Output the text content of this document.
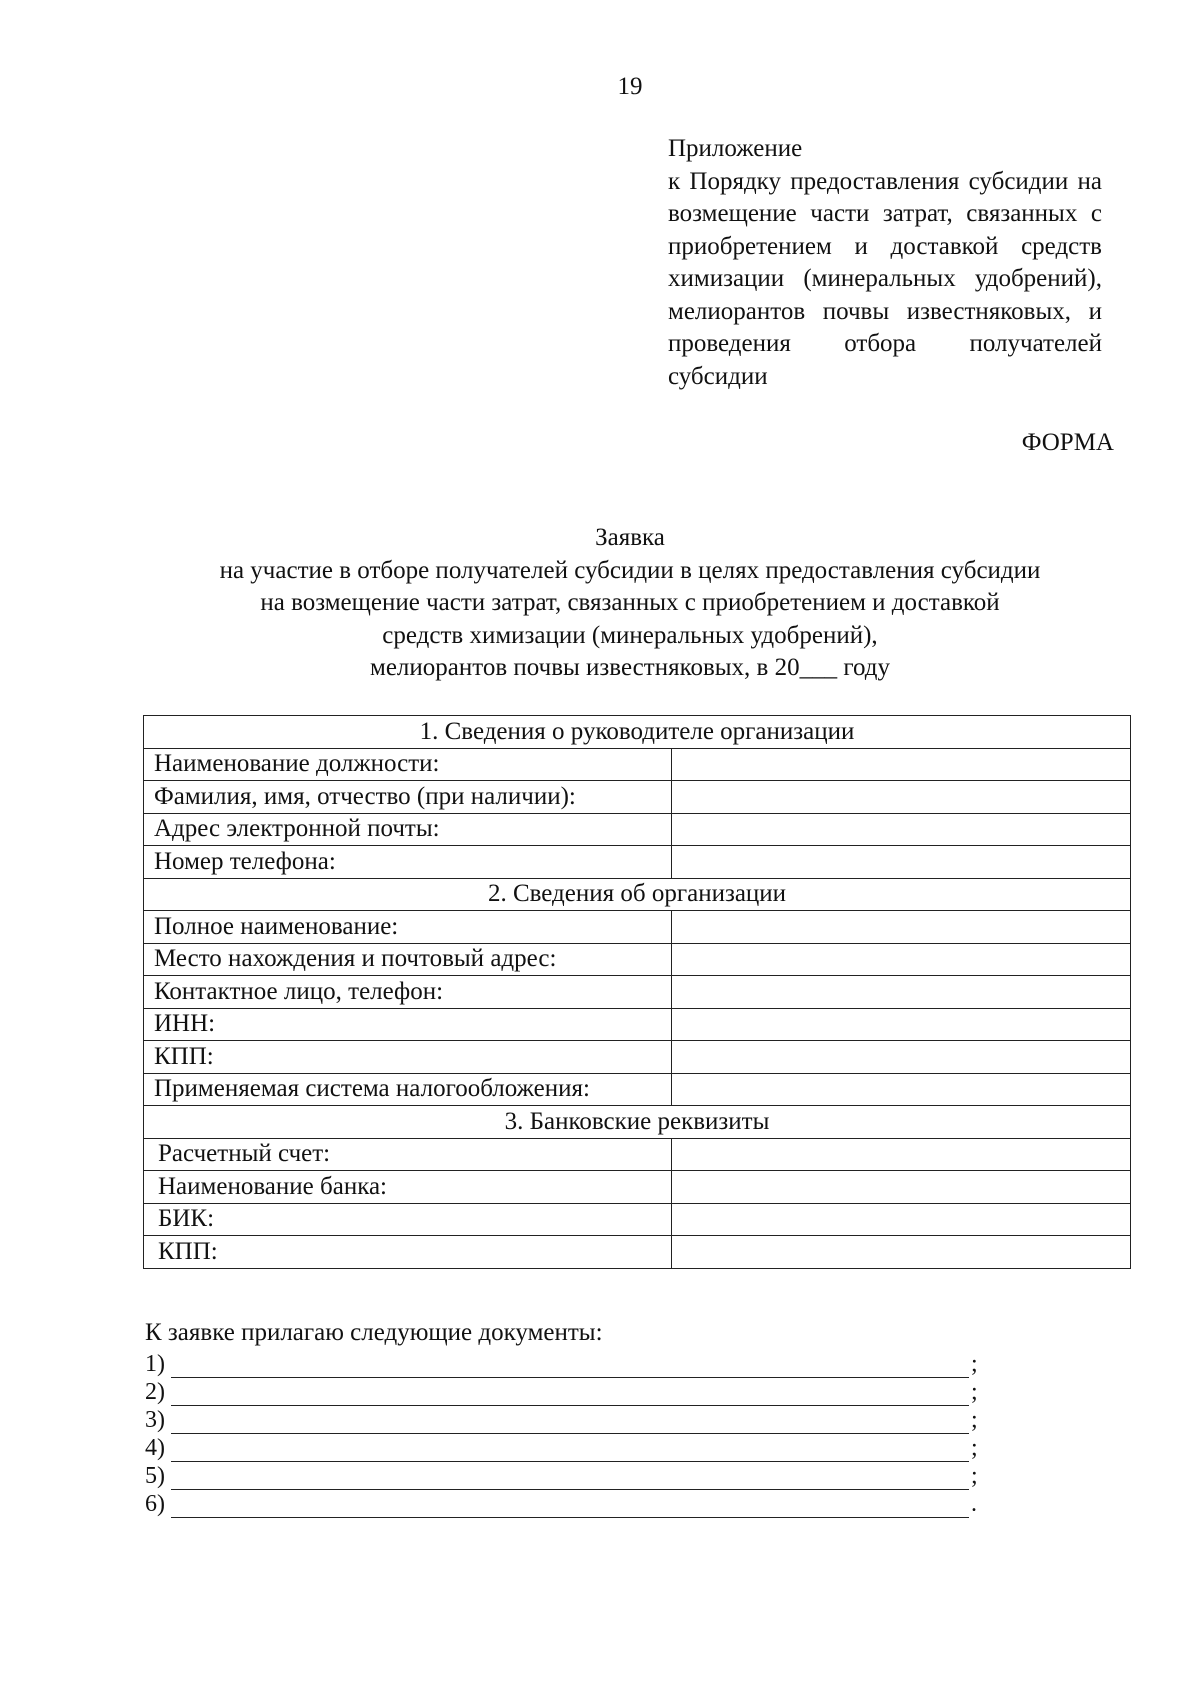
19
Приложение
к Порядку предоставления субсидии на возмещение части затрат, связанных с приобретением и доставкой средств химизации (минеральных удобрений), мелиорантов почвы известняковых, и проведения отбора получателей субсидии
ФОРМА
Заявка
на участие в отборе получателей субсидии в целях предоставления субсидии
на возмещение части затрат, связанных с приобретением и доставкой
средств химизации (минеральных удобрений),
мелиорантов почвы известняковых, в 20___ году
1. Сведения о руководителе организации	
Наименование должности:	
Фамилия, имя, отчество (при наличии):	
Адрес электронной почты:	
Номер телефона:	
2. Сведения об организации	
Полное наименование:	
Место нахождения и почтовый адрес:	
Контактное лицо, телефон:	
ИНН:	
КПП:	
Применяемая система налогообложения:	
3. Банковские реквизиты	
Расчетный счет:	
Наименование банка:	
БИК:	
КПП:	
К заявке прилагаю следующие документы:
1)	;
2)	;
3)	;
4)	;
5)	;
6)	.
